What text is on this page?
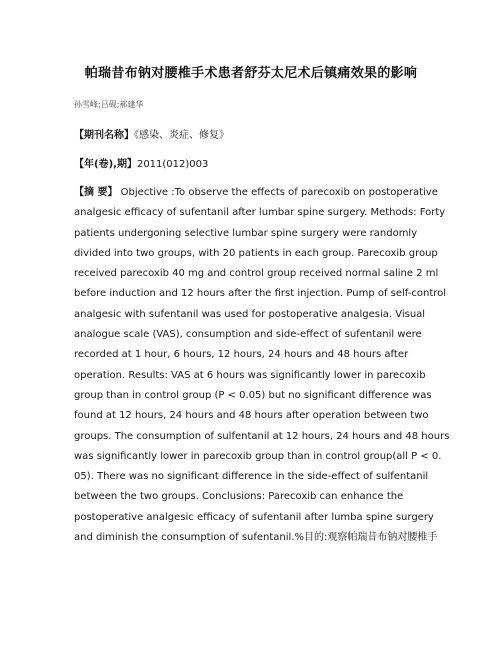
帕瑞昔布钠对腰椎手术患者舒芬太尼术后镇痛效果的影响
孙雪峰;吕砚;郝建华
【期刊名称】《感染、炎症、修复》
【年(卷),期】2011(012)003
【摘 要】 Objective :To observe the effects of parecoxib on postoperative
analgesic efficacy of sufentanil after lumbar spine surgery. Methods: Forty
patients undergoning selective lumbar spine surgery were randomly
divided into two groups, with 20 patients in each group. Parecoxib group
received parecoxib 40 mg and control group received normal saline 2 ml
before induction and 12 hours after the first injection. Pump of self-control
analgesic with sufentanil was used for postoperative analgesia. Visual
analogue scale (VAS), consumption and side-effect of sufentanil were
recorded at 1 hour, 6 hours, 12 hours, 24 hours and 48 hours after
operation. Results: VAS at 6 hours was significantly lower in parecoxib
group than in control group (P < 0.05) but no significant difference was
found at 12 hours, 24 hours and 48 hours after operation between two
groups. The consumption of sulfentanil at 12 hours, 24 hours and 48 hours
was significantly lower in parecoxib group than in control group(all P < 0.
05). There was no significant difference in the side-effect of sulfentanil
between the two groups. Conclusions: Parecoxib can enhance the
postoperative analgesic efficacy of sufentanil after lumba spine surgery
and diminish the consumption of sufentanil.%目的:观察帕瑞昔布钠对腰椎手
